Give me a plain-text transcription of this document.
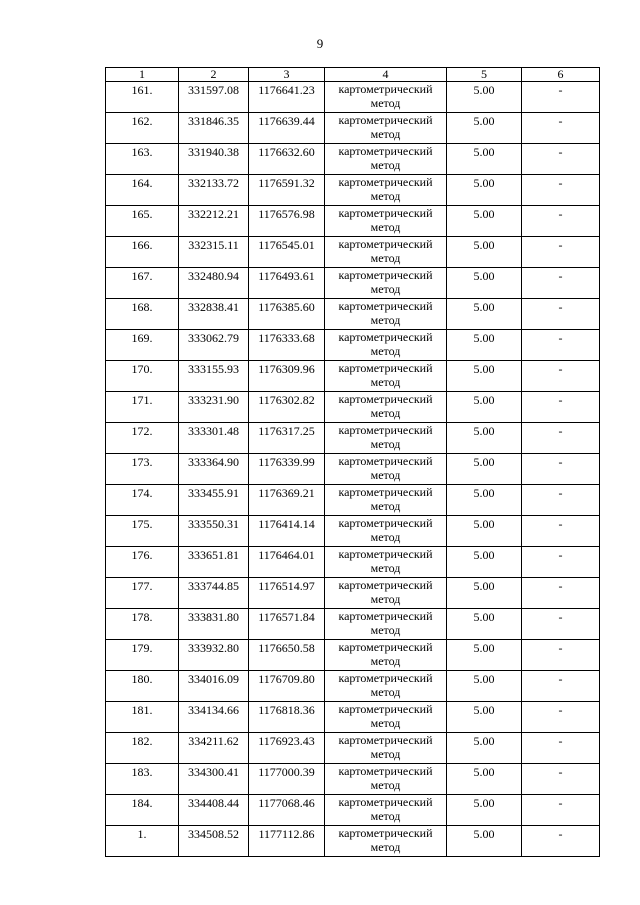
9
1	2	3	4	5	6
161.	331597.08	1176641.23	картометрический метод	5.00	-
162.	331846.35	1176639.44	картометрический метод	5.00	-
163.	331940.38	1176632.60	картометрический метод	5.00	-
164.	332133.72	1176591.32	картометрический метод	5.00	-
165.	332212.21	1176576.98	картометрический метод	5.00	-
166.	332315.11	1176545.01	картометрический метод	5.00	-
167.	332480.94	1176493.61	картометрический метод	5.00	-
168.	332838.41	1176385.60	картометрический метод	5.00	-
169.	333062.79	1176333.68	картометрический метод	5.00	-
170.	333155.93	1176309.96	картометрический метод	5.00	-
171.	333231.90	1176302.82	картометрический метод	5.00	-
172.	333301.48	1176317.25	картометрический метод	5.00	-
173.	333364.90	1176339.99	картометрический метод	5.00	-
174.	333455.91	1176369.21	картометрический метод	5.00	-
175.	333550.31	1176414.14	картометрический метод	5.00	-
176.	333651.81	1176464.01	картометрический метод	5.00	-
177.	333744.85	1176514.97	картометрический метод	5.00	-
178.	333831.80	1176571.84	картометрический метод	5.00	-
179.	333932.80	1176650.58	картометрический метод	5.00	-
180.	334016.09	1176709.80	картометрический метод	5.00	-
181.	334134.66	1176818.36	картометрический метод	5.00	-
182.	334211.62	1176923.43	картометрический метод	5.00	-
183.	334300.41	1177000.39	картометрический метод	5.00	-
184.	334408.44	1177068.46	картометрический метод	5.00	-
1.	334508.52	1177112.86	картометрический метод	5.00	-
